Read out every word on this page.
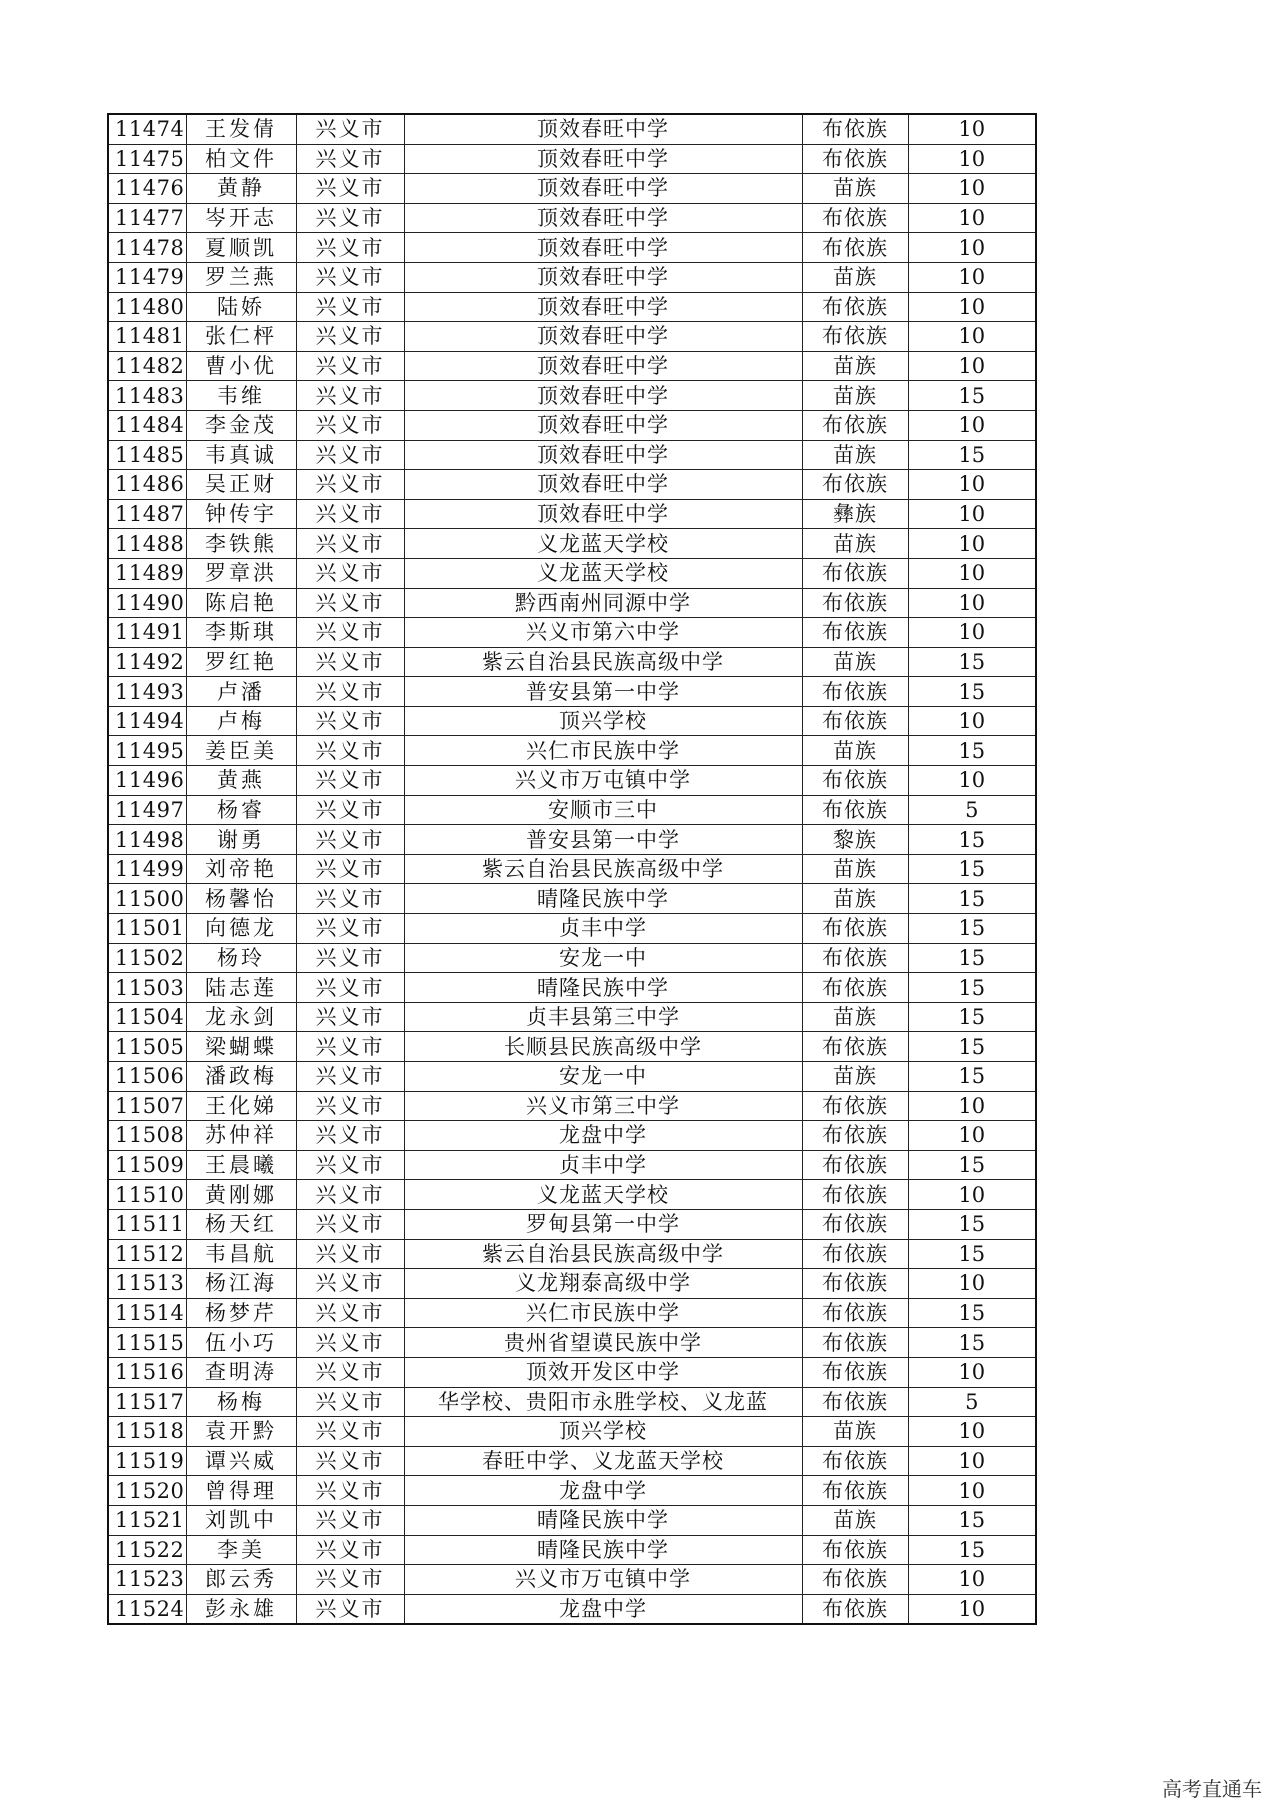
11474	王发倩	兴义市	顶效春旺中学	布依族	10
11475	柏文件	兴义市	顶效春旺中学	布依族	10
11476	黄静	兴义市	顶效春旺中学	苗族	10
11477	岑开志	兴义市	顶效春旺中学	布依族	10
11478	夏顺凯	兴义市	顶效春旺中学	布依族	10
11479	罗兰燕	兴义市	顶效春旺中学	苗族	10
11480	陆娇	兴义市	顶效春旺中学	布依族	10
11481	张仁枰	兴义市	顶效春旺中学	布依族	10
11482	曹小优	兴义市	顶效春旺中学	苗族	10
11483	韦维	兴义市	顶效春旺中学	苗族	15
11484	李金茂	兴义市	顶效春旺中学	布依族	10
11485	韦真诚	兴义市	顶效春旺中学	苗族	15
11486	吴正财	兴义市	顶效春旺中学	布依族	10
11487	钟传宇	兴义市	顶效春旺中学	彝族	10
11488	李铁熊	兴义市	义龙蓝天学校	苗族	10
11489	罗章洪	兴义市	义龙蓝天学校	布依族	10
11490	陈启艳	兴义市	黔西南州同源中学	布依族	10
11491	李斯琪	兴义市	兴义市第六中学	布依族	10
11492	罗红艳	兴义市	紫云自治县民族高级中学	苗族	15
11493	卢潘	兴义市	普安县第一中学	布依族	15
11494	卢梅	兴义市	顶兴学校	布依族	10
11495	姜臣美	兴义市	兴仁市民族中学	苗族	15
11496	黄燕	兴义市	兴义市万屯镇中学	布依族	10
11497	杨睿	兴义市	安顺市三中	布依族	5
11498	谢勇	兴义市	普安县第一中学	黎族	15
11499	刘帝艳	兴义市	紫云自治县民族高级中学	苗族	15
11500	杨馨怡	兴义市	晴隆民族中学	苗族	15
11501	向德龙	兴义市	贞丰中学	布依族	15
11502	杨玲	兴义市	安龙一中	布依族	15
11503	陆志莲	兴义市	晴隆民族中学	布依族	15
11504	龙永剑	兴义市	贞丰县第三中学	苗族	15
11505	梁蝴蝶	兴义市	长顺县民族高级中学	布依族	15
11506	潘政梅	兴义市	安龙一中	苗族	15
11507	王化娣	兴义市	兴义市第三中学	布依族	10
11508	苏仲祥	兴义市	龙盘中学	布依族	10
11509	王晨曦	兴义市	贞丰中学	布依族	15
11510	黄刚娜	兴义市	义龙蓝天学校	布依族	10
11511	杨天红	兴义市	罗甸县第一中学	布依族	15
11512	韦昌航	兴义市	紫云自治县民族高级中学	布依族	15
11513	杨江海	兴义市	义龙翔泰高级中学	布依族	10
11514	杨梦芹	兴义市	兴仁市民族中学	布依族	15
11515	伍小巧	兴义市	贵州省望谟民族中学	布依族	15
11516	查明涛	兴义市	顶效开发区中学	布依族	10
11517	杨梅	兴义市	华学校、贵阳市永胜学校、义龙蓝	布依族	5
11518	袁开黔	兴义市	顶兴学校	苗族	10
11519	谭兴威	兴义市	春旺中学、义龙蓝天学校	布依族	10
11520	曾得理	兴义市	龙盘中学	布依族	10
11521	刘凯中	兴义市	晴隆民族中学	苗族	15
11522	李美	兴义市	晴隆民族中学	布依族	15
11523	郎云秀	兴义市	兴义市万屯镇中学	布依族	10
11524	彭永雄	兴义市	龙盘中学	布依族	10
高考直通车
